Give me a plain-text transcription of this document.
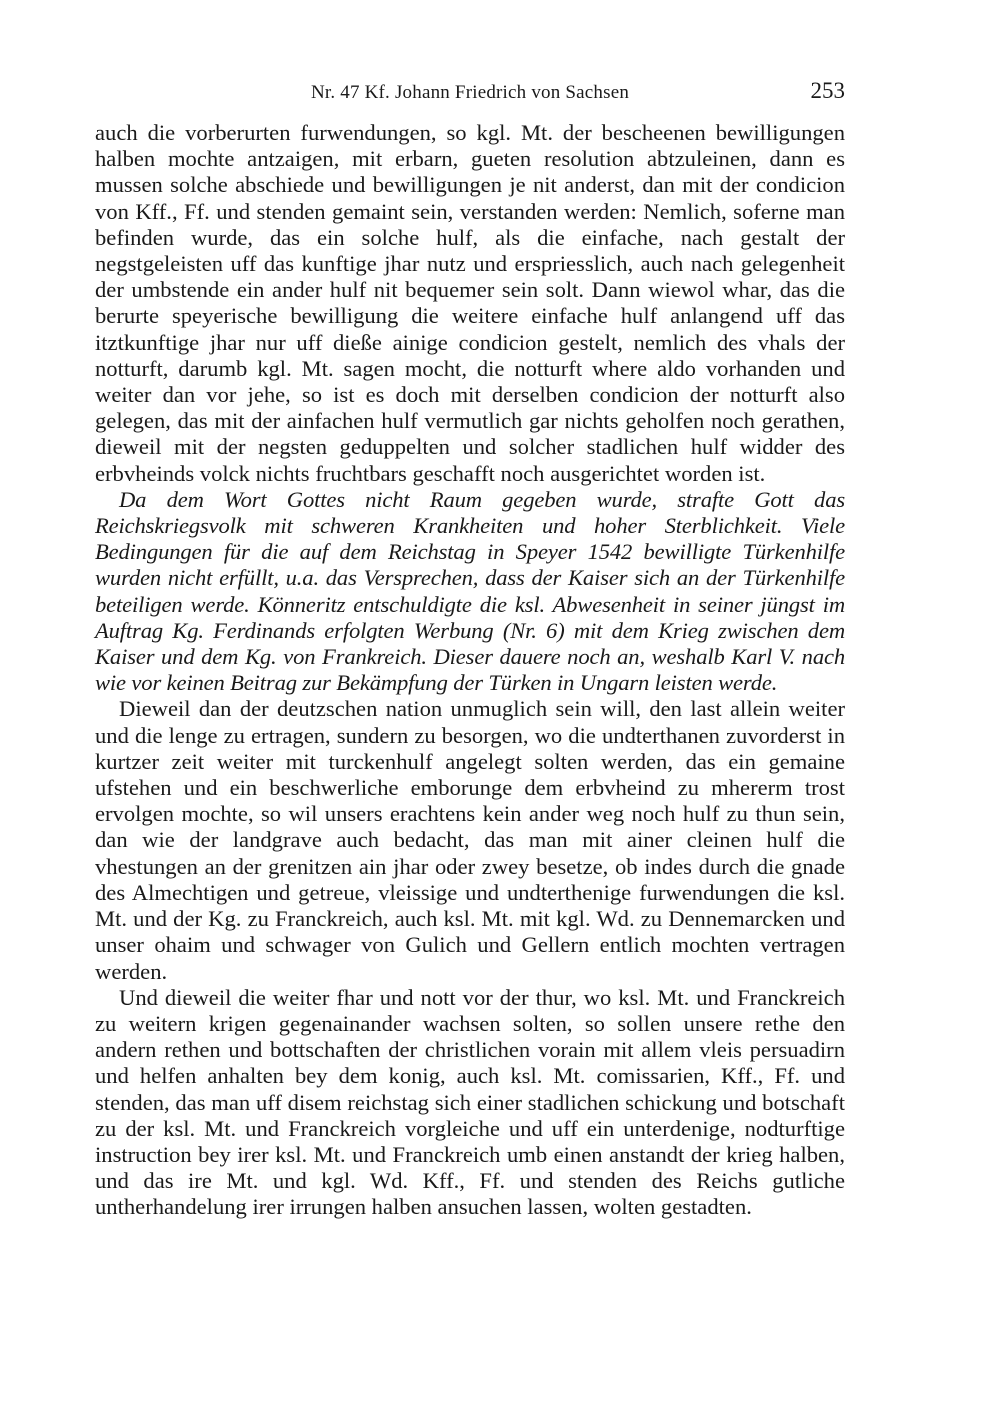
Nr. 47 Kf. Johann Friedrich von Sachsen	253

auch die vorberurten furwendungen, so kgl. Mt. der bescheenen bewilligungen halben mochte antzaigen, mit erbarn, gueten resolution abtzuleinen, dann es mussen solche abschiede und bewilligungen je nit anderst, dan mit der condicion von Kff., Ff. und stenden gemaint sein, verstanden werden: Nemlich, soferne man befinden wurde, das ein solche hulf, als die einfache, nach gestalt der negstgeleisten uff das kunftige jhar nutz und erspriesslich, auch nach gelegenheit der umbstende ein ander hulf nit bequemer sein solt. Dann wiewol whar, das die berurte speyerische bewilligung die weitere einfache hulf anlangend uff das itztkunftige jhar nur uff dieße ainige condicion gestelt, nemlich des vhals der notturft, darumb kgl. Mt. sagen mocht, die notturft where aldo vorhanden und weiter dan vor jehe, so ist es doch mit derselben condicion der notturft also gelegen, das mit der ainfachen hulf vermutlich gar nichts geholfen noch gerathen, dieweil mit der negsten geduppelten und solcher stadlichen hulf widder des erbvheinds volck nichts fruchtbars geschafft noch ausgerichtet worden ist.

Da dem Wort Gottes nicht Raum gegeben wurde, strafte Gott das Reichskriegsvolk mit schweren Krankheiten und hoher Sterblichkeit. Viele Bedingungen für die auf dem Reichstag in Speyer 1542 bewilligte Türkenhilfe wurden nicht erfüllt, u.a. das Versprechen, dass der Kaiser sich an der Türkenhilfe beteiligen werde. Könneritz entschuldigte die ksl. Abwesenheit in seiner jüngst im Auftrag Kg. Ferdinands erfolgten Werbung (Nr. 6) mit dem Krieg zwischen dem Kaiser und dem Kg. von Frankreich. Dieser dauere noch an, weshalb Karl V. nach wie vor keinen Beitrag zur Bekämpfung der Türken in Ungarn leisten werde.

Dieweil dan der deutzschen nation unmuglich sein will, den last allein weiter und die lenge zu ertragen, sundern zu besorgen, wo die undterthanen zuvorderst in kurtzer zeit weiter mit turckenhulf angelegt solten werden, das ein gemaine ufstehen und ein beschwerliche emborunge dem erbvheind zu mhererm trost ervolgen mochte, so wil unsers erachtens kein ander weg noch hulf zu thun sein, dan wie der landgrave auch bedacht, das man mit ainer cleinen hulf die vhestungen an der grenitzen ain jhar oder zwey besetze, ob indes durch die gnade des Almechtigen und getreue, vleissige und undterthenige furwendungen die ksl. Mt. und der Kg. zu Franckreich, auch ksl. Mt. mit kgl. Wd. zu Dennemarcken und unser ohaim und schwager von Gulich und Gellern entlich mochten vertragen werden.

Und dieweil die weiter fhar und nott vor der thur, wo ksl. Mt. und Franckreich zu weitern krigen gegenainander wachsen solten, so sollen unsere rethe den andern rethen und bottschaften der christlichen vorain mit allem vleis persuadirn und helfen anhalten bey dem konig, auch ksl. Mt. comissarien, Kff., Ff. und stenden, das man uff disem reichstag sich einer stadlichen schickung und botschaft zu der ksl. Mt. und Franckreich vorgleiche und uff ein unterdenige, nodturftige instruction bey irer ksl. Mt. und Franckreich umb einen anstandt der krieg halben, und das ire Mt. und kgl. Wd. Kff., Ff. und stenden des Reichs gutliche untherhandelung irer irrungen halben ansuchen lassen, wolten gestadten.
